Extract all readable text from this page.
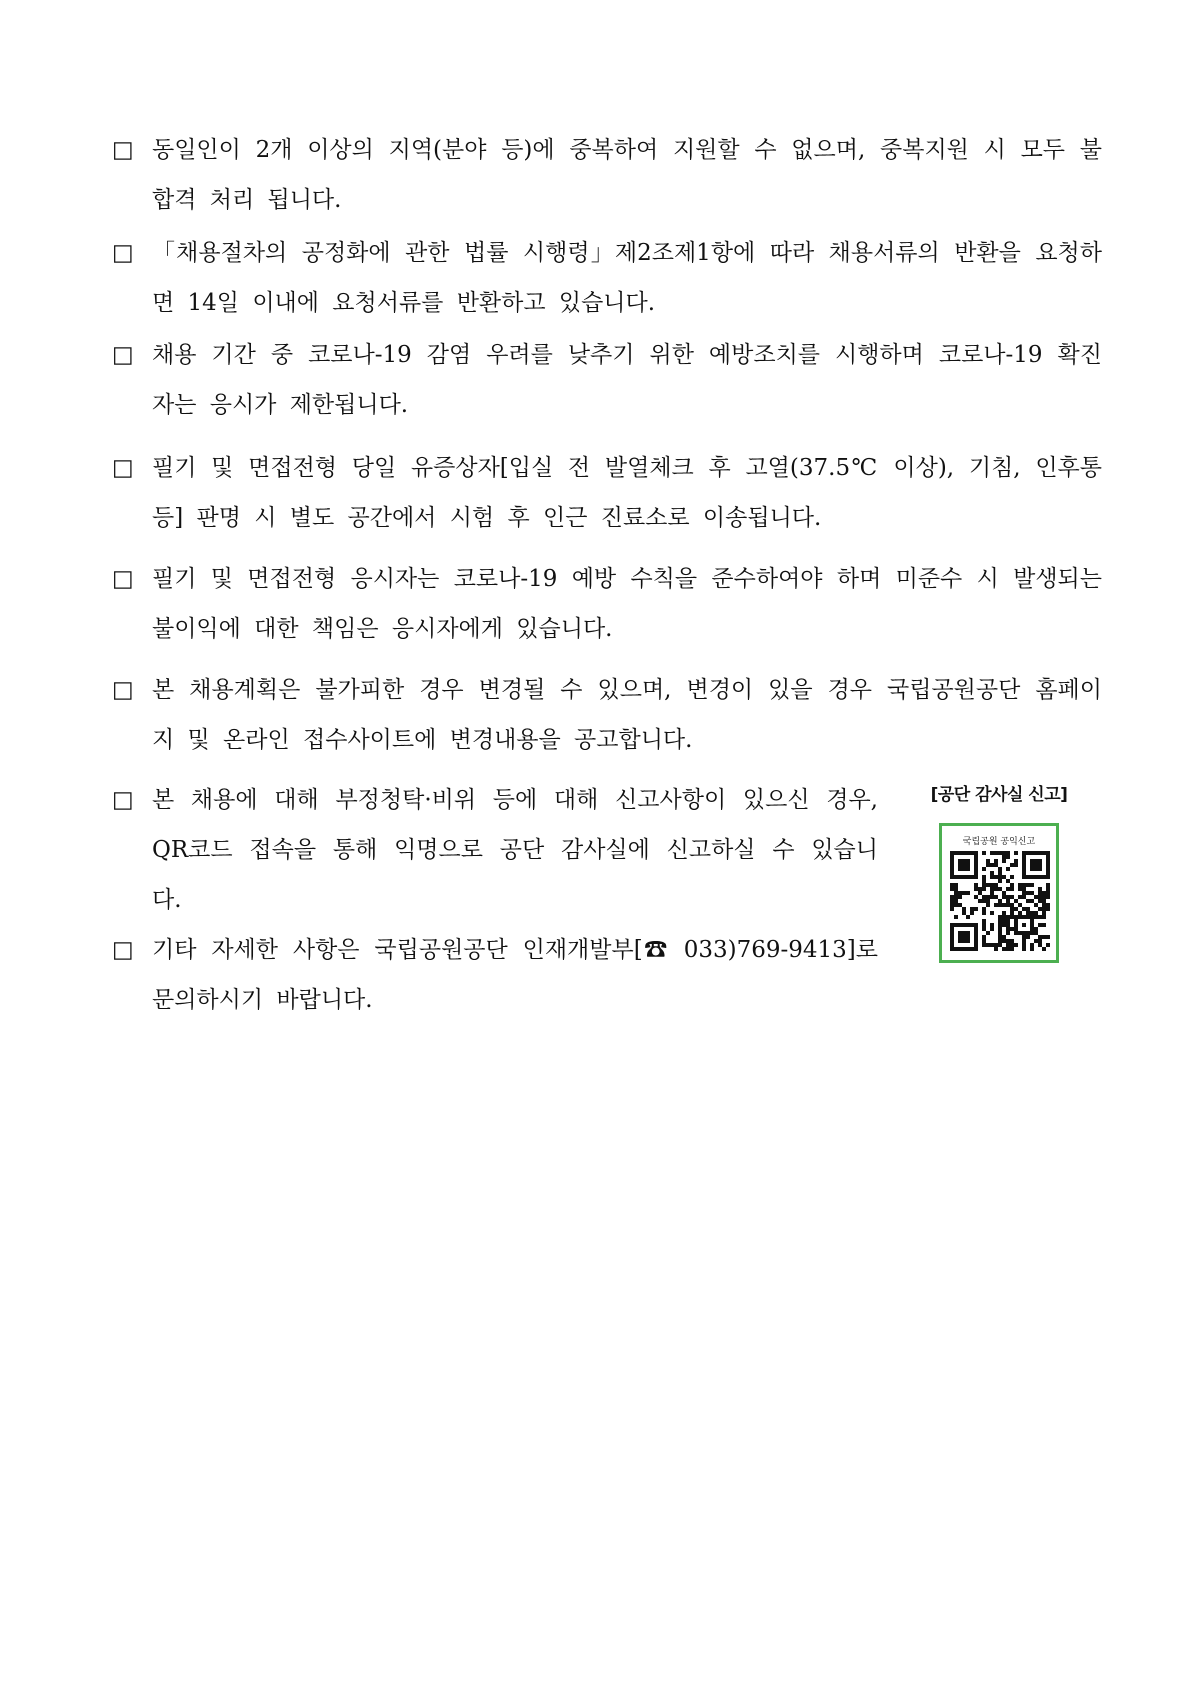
□ 동일인이 2개 이상의 지역(분야 등)에 중복하여 지원할 수 없으며, 중복지원 시 모두 불합격 처리 됩니다.
□ 「채용절차의 공정화에 관한 법률 시행령」제2조제1항에 따라 채용서류의 반환을 요청하면 14일 이내에 요청서류를 반환하고 있습니다.
□ 채용 기간 중 코로나-19 감염 우려를 낮추기 위한 예방조치를 시행하며 코로나-19 확진자는 응시가 제한됩니다.
□ 필기 및 면접전형 당일 유증상자[입실 전 발열체크 후 고열(37.5℃ 이상), 기침, 인후통 등] 판명 시 별도 공간에서 시험 후 인근 진료소로 이송됩니다.
□ 필기 및 면접전형 응시자는 코로나-19 예방 수칙을 준수하여야 하며 미준수 시 발생되는 불이익에 대한 책임은 응시자에게 있습니다.
□ 본 채용계획은 불가피한 경우 변경될 수 있으며, 변경이 있을 경우 국립공원공단 홈페이지 및 온라인 접수사이트에 변경내용을 공고합니다.
□ 본 채용에 대해 부정청탁·비위 등에 대해 신고사항이 있으신 경우, QR코드 접속을 통해 익명으로 공단 감사실에 신고하실 수 있습니다.
□ 기타 자세한 사항은 국립공원공단 인재개발부[☎ 033)769-9413]로 문의하시기 바랍니다.
[공단 감사실 신고]
국립공원 공익신고
